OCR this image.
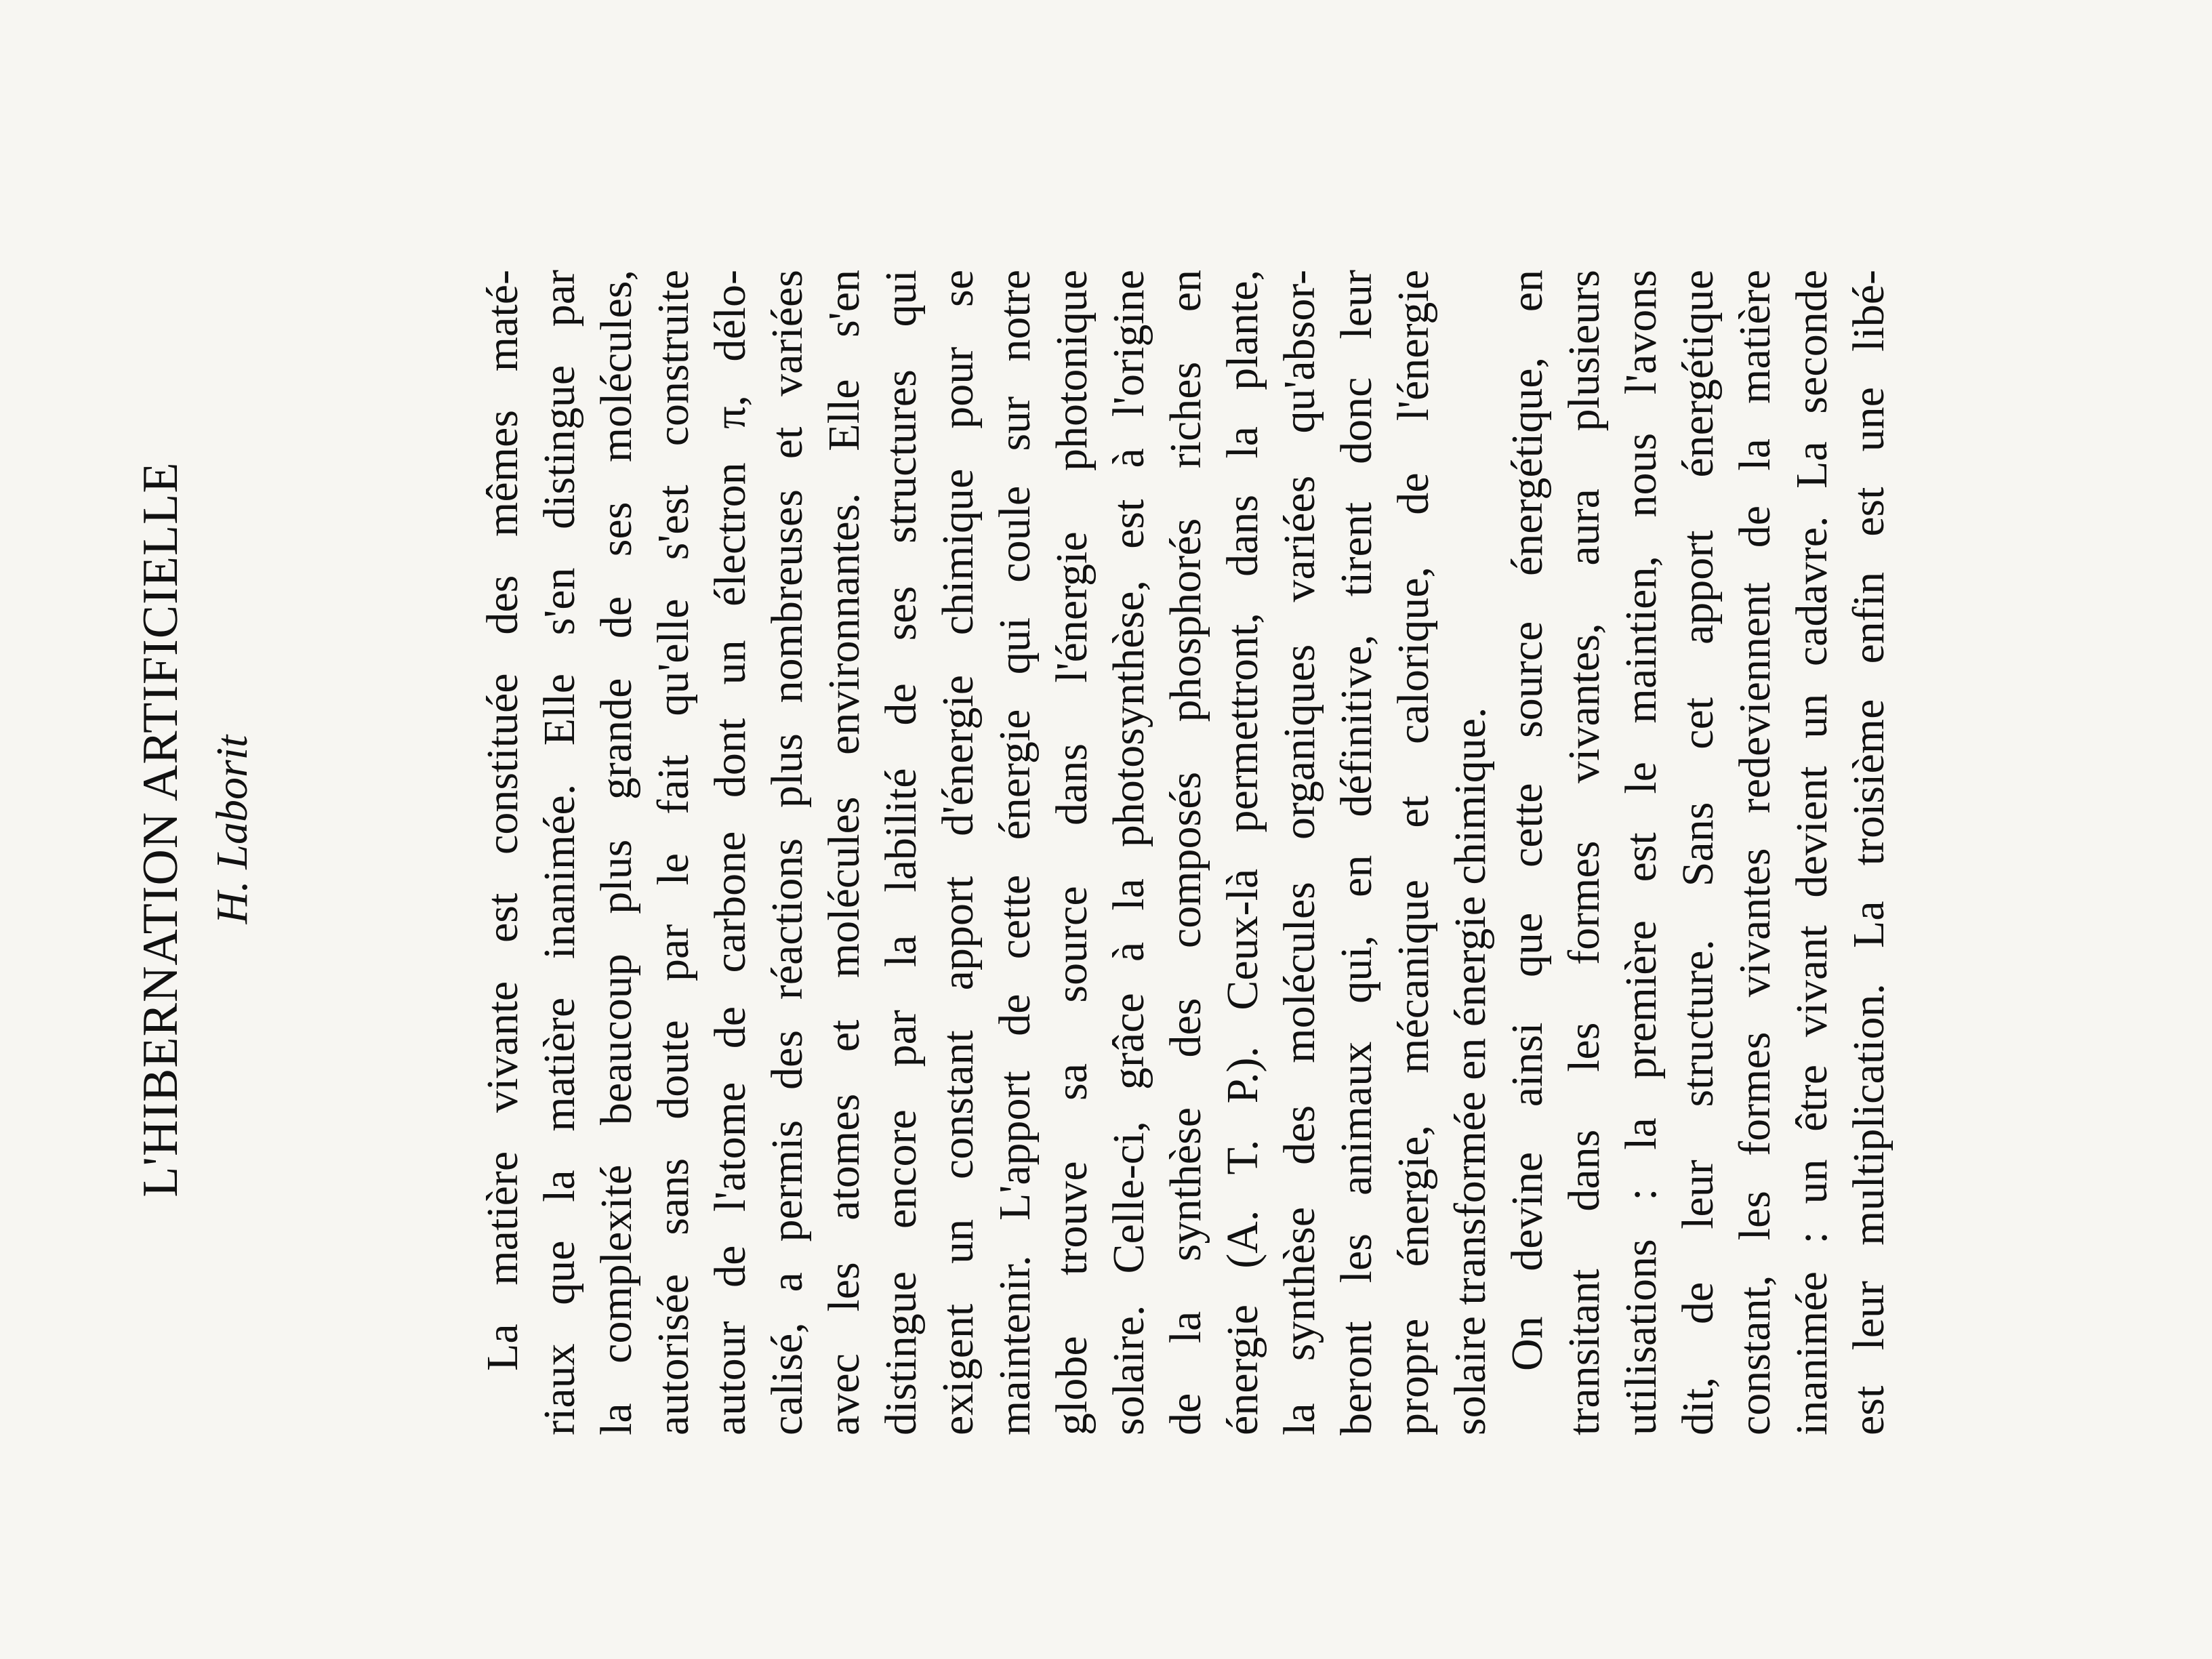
L'HIBERNATION ARTIFICIELLE H. Laborit	La matière vivante est constituée des mêmes maté- riaux que la matière inanimée. Elle s'en distingue par la complexité beaucoup plus grande de ses molécules, autorisée sans doute par le fait qu'elle s'est construite autour de l'atome de carbone dont un électron π, délo- calisé, a permis des réactions plus nombreuses et variées avec les atomes et molécules environnantes. Elle s'en distingue encore par la labilité de ses structures qui exigent un constant apport d'énergie chimique pour se maintenir. L'apport de cette énergie qui coule sur notre globe trouve sa source dans l'énergie photonique solaire. Celle-ci, grâce à la photosynthèse, est à l'origine de la synthèse des composés phosphorés riches en énergie (A. T. P.). Ceux-là permettront, dans la plante, la synthèse des molécules organiques variées qu'absor- beront les animaux qui, en définitive, tirent donc leur propre énergie, mécanique et calorique, de l'énergie solaire transformée en énergie chimique. On devine ainsi que cette source énergétique, en transitant dans les formes vivantes, aura plusieurs utilisations : la première est le maintien, nous l'avons dit, de leur structure. Sans cet apport énergétique constant, les formes vivantes redeviennent de la matière inanimée : un être vivant devient un cadavre. La seconde est leur multiplication. La troisième enfin est une libé-
